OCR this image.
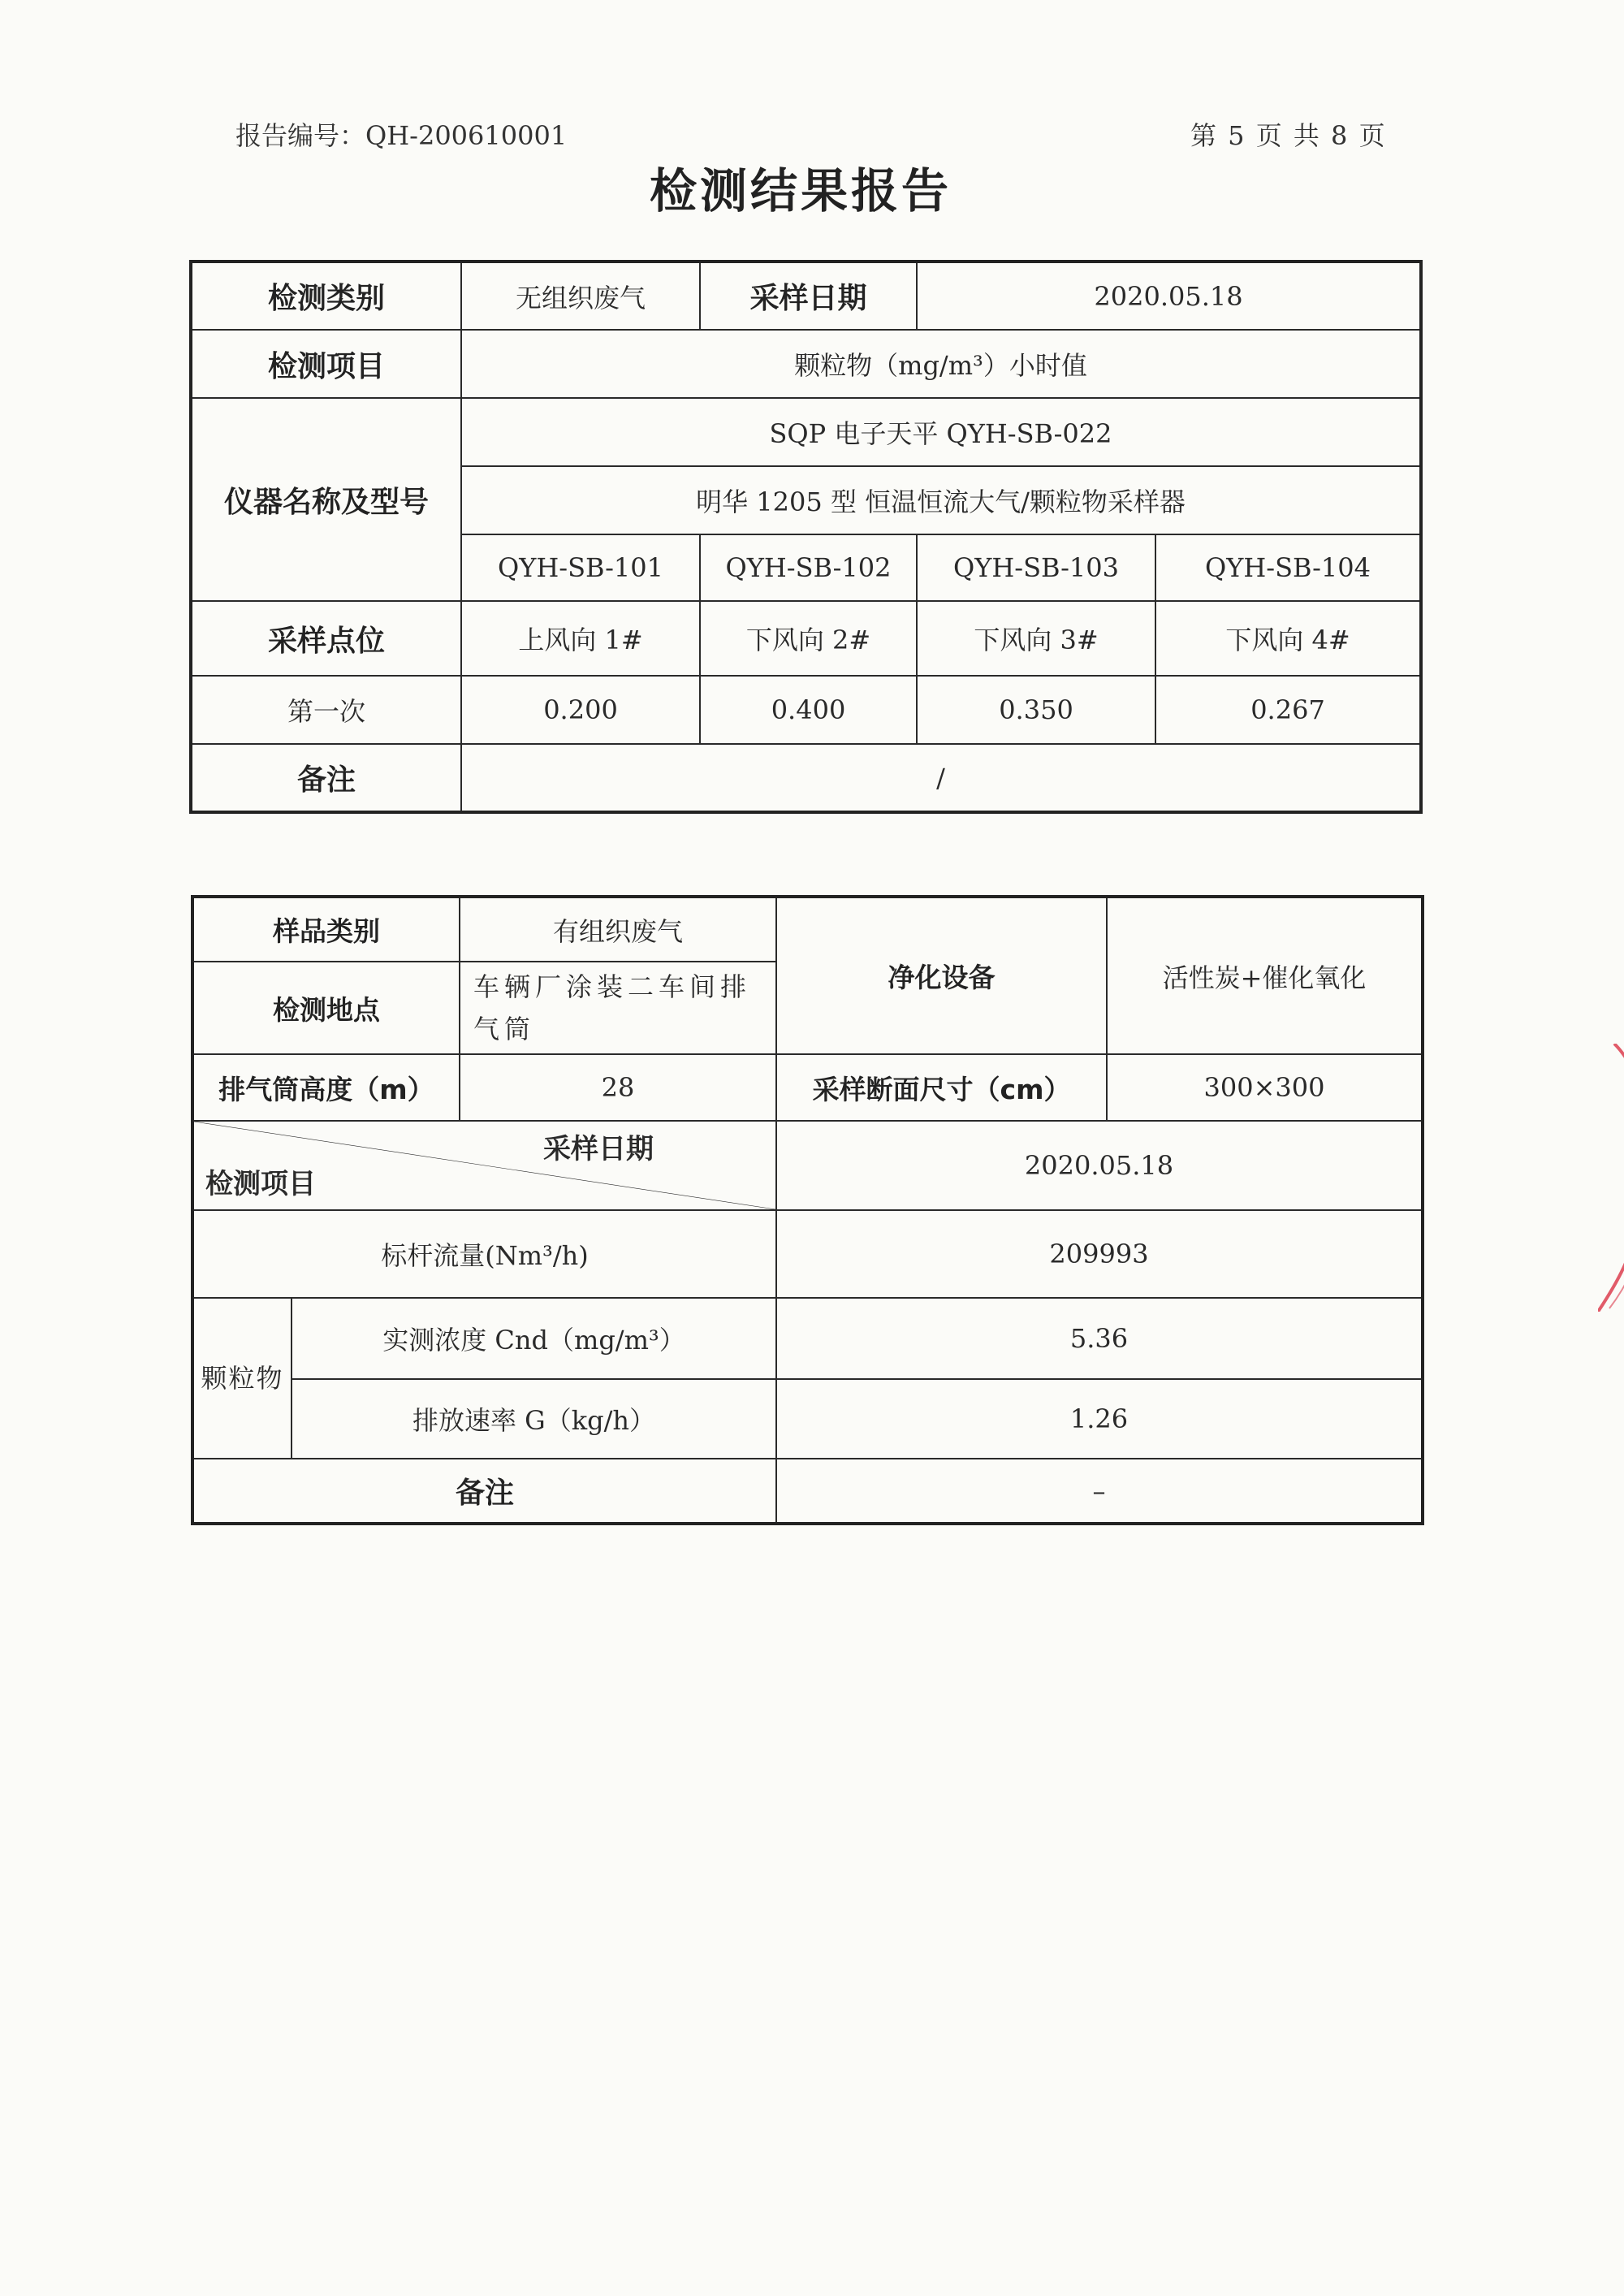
报告编号：QH-200610001	第 5 页 共 8 页
检测结果报告
检测类别	无组织废气	采样日期	2020.05.18	
检测项目	颗粒物（mg/m³）小时值			
仪器名称及型号	SQP 电子天平 QYH-SB-022			
	明华 1205 型 恒温恒流大气/颗粒物采样器			
	QYH-SB-101	QYH-SB-102	QYH-SB-103	QYH-SB-104
采样点位	上风向 1#	下风向 2#	下风向 3#	下风向 4#
第一次	0.200	0.400	0.350	0.267
备注	/			
样品类别		有组织废气	净化设备	活性炭+催化氧化
检测地点		车辆厂涂装二车间排气筒		
排气筒高度（m）		28	采样断面尺寸（cm）	300×300

采样日期
检测项目			2020.05.18	
标杆流量(Nm³/h)			209993	
颗粒物	实测浓度 Cnd（mg/m³）		5.36	
	排放速率 G（kg/h）		1.26	
备注			–	
